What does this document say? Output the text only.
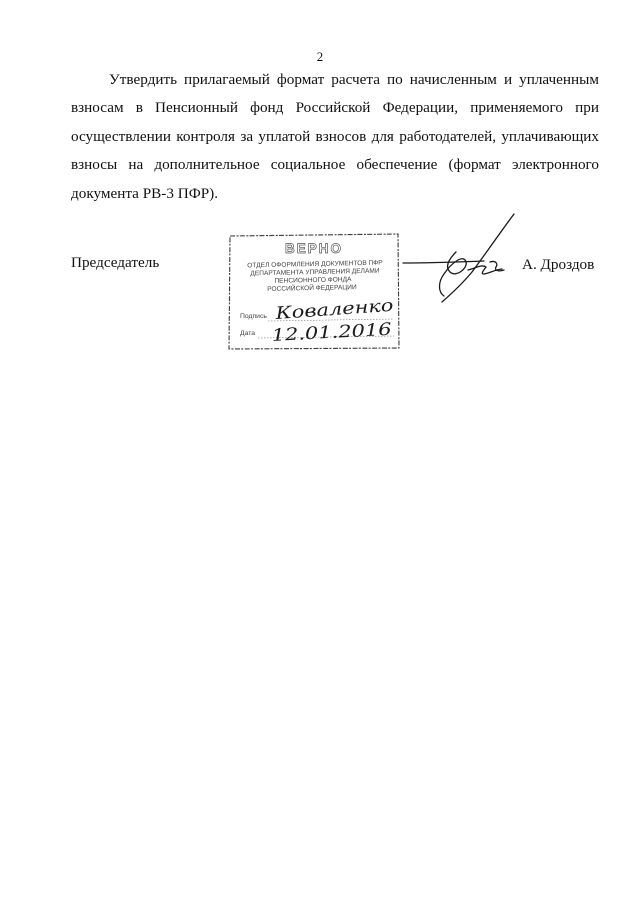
2
Утвердить прилагаемый формат расчета по начисленным и уплаченным
взносам в Пенсионный фонд Российской Федерации, применяемого при
осуществлении контроля за уплатой взносов для работодателей, уплачивающих
взносы на дополнительное социальное обеспечение (формат электронного
документа РВ-3 ПФР).
Председатель
ВЕРНО
ОТДЕЛ ОФОРМЛЕНИЯ ДОКУМЕНТОВ ПФР
ДЕПАРТАМЕНТА УПРАВЛЕНИЯ ДЕЛАМИ
ПЕНСИОННОГО ФОНДА
РОССИЙСКОЙ ФЕДЕРАЦИИ
Подпись
Дата
Коваленко
12.01.2016
А. Дроздов
